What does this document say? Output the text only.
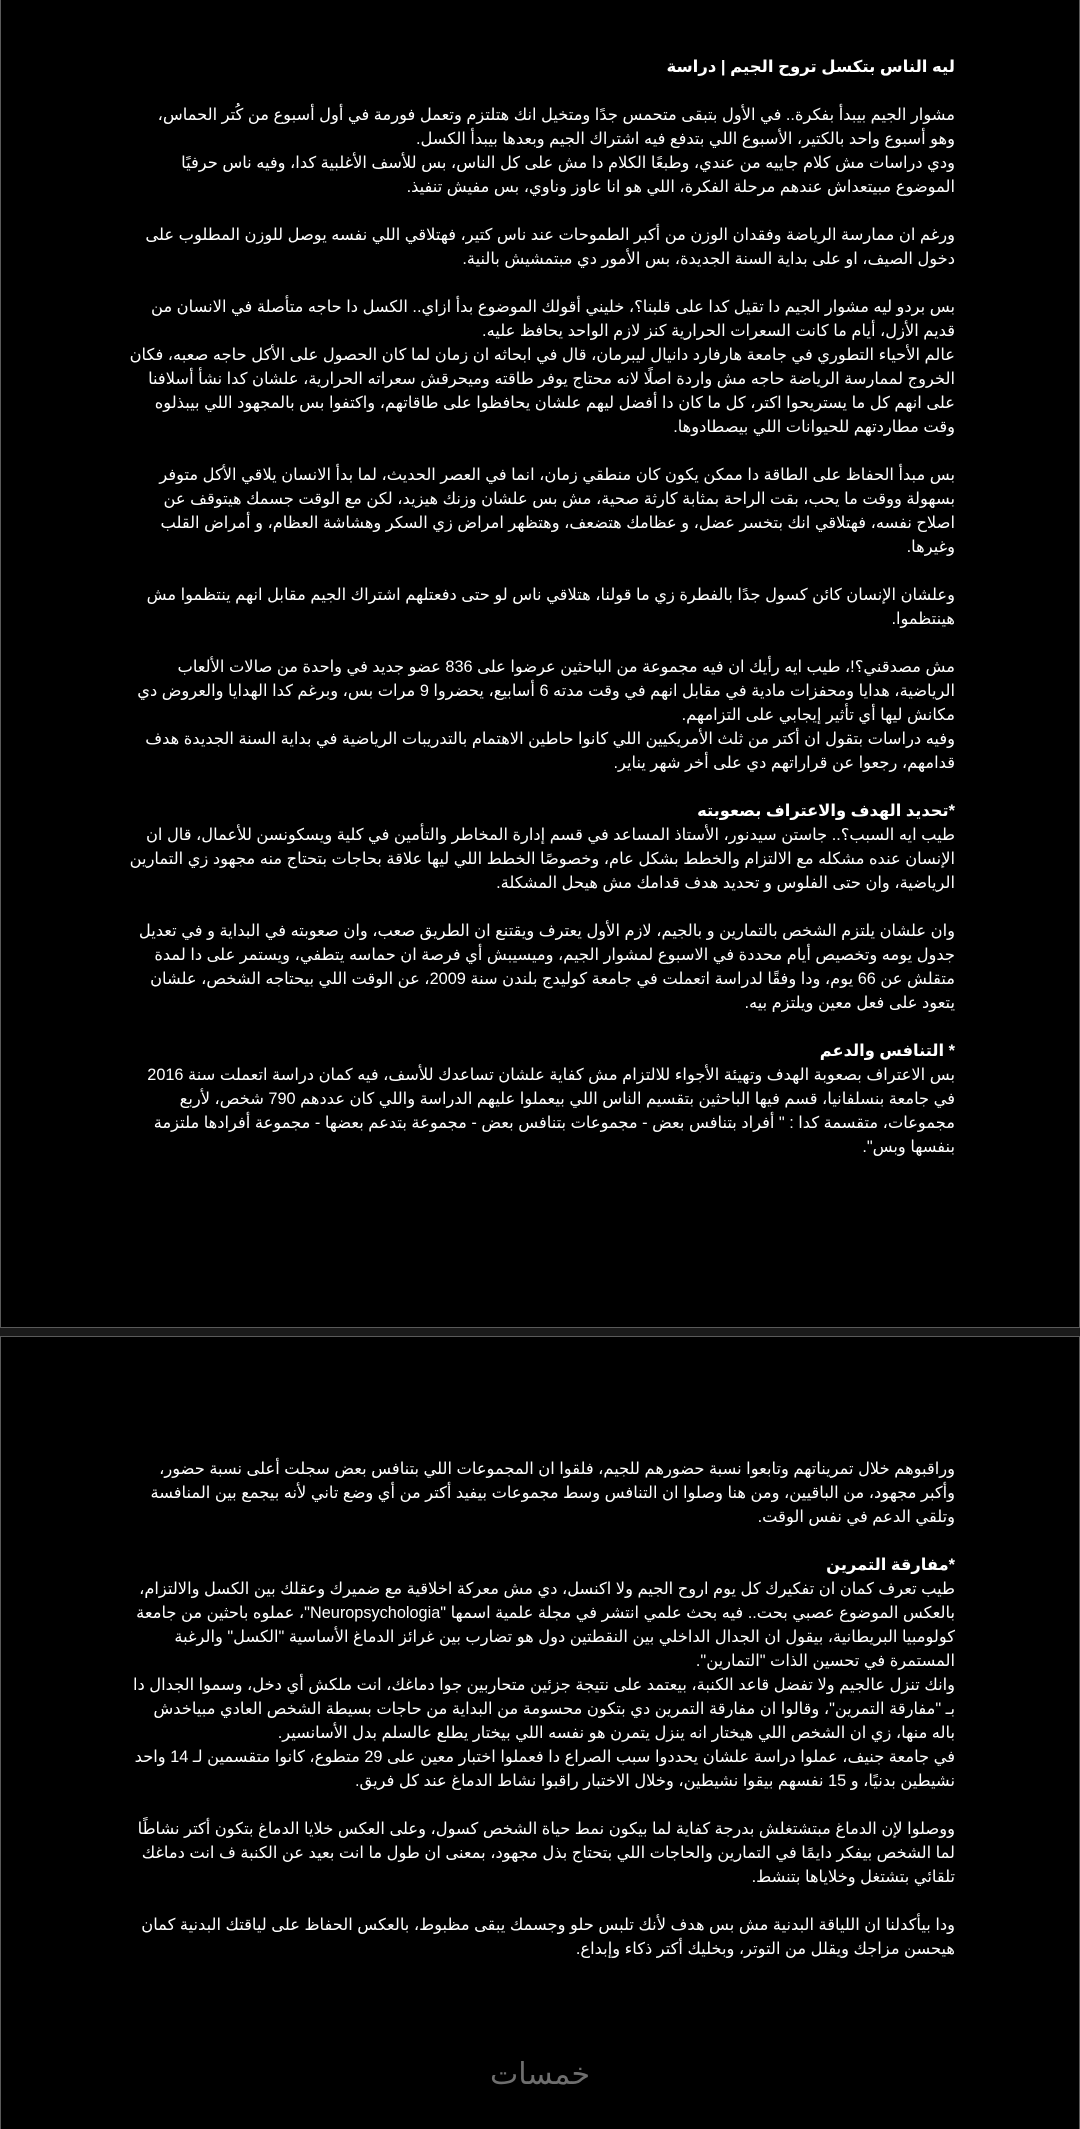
ليه الناس بتكسل تروح الجيم | دراسة

مشوار الجيم بيبدأ بفكرة.. في الأول بتبقى متحمس جدًا ومتخيل انك هتلتزم وتعمل فورمة في أول أسبوع من كُتر الحماس، وهو أسبوع واحد بالكتير، الأسبوع اللي بتدفع فيه اشتراك الجيم وبعدها بيبدأ الكسل.

ودي دراسات مش كلام جاييه من عندي، وطبعًا الكلام دا مش على كل الناس، بس للأسف الأغلبية كدا، وفيه ناس حرفيًا الموضوع مبيتعداش عندهم مرحلة الفكرة، اللي هو انا عاوز وناوي، بس مفيش تنفيذ.

ورغم ان ممارسة الرياضة وفقدان الوزن من أكبر الطموحات عند ناس كتير، فهتلاقي اللي نفسه يوصل للوزن المطلوب على دخول الصيف، او على بداية السنة الجديدة، بس الأمور دي مبتمشيش بالنية.

بس بردو ليه مشوار الجيم دا تقيل كدا على قلبنا؟، خليني أقولك الموضوع بدأ ازاي.. الكسل دا حاجه متأصلة في الانسان من قديم الأزل، أيام ما كانت السعرات الحرارية كنز لازم الواحد يحافظ عليه.

عالم الأحياء التطوري في جامعة هارفارد دانيال ليبرمان، قال في ابحاثه ان زمان لما كان الحصول على الأكل حاجه صعبه، فكان الخروج لممارسة الرياضة حاجه مش واردة اصلًا لانه محتاج يوفر طاقته وميحرقش سعراته الحرارية، علشان كدا نشأ أسلافنا على انهم كل ما يستريحوا اكتر، كل ما كان دا أفضل ليهم علشان يحافظوا على طاقاتهم، واكتفوا بس بالمجهود اللي بيبذلوه وقت مطاردتهم للحيوانات اللي بيصطادوها.

بس مبدأ الحفاظ على الطاقة دا ممكن يكون كان منطقي زمان، انما في العصر الحديث، لما بدأ الانسان يلاقي الأكل متوفر بسهولة ووقت ما يحب، بقت الراحة بمثابة كارثة صحية، مش بس علشان وزنك هيزيد، لكن مع الوقت جسمك هيتوقف عن اصلاح نفسه، فهتلاقي انك بتخسر عضل، و عظامك هتضعف، وهتظهر امراض زي السكر وهشاشة العظام، و أمراض القلب وغيرها.

وعلشان الإنسان كائن كسول جدًا بالفطرة زي ما قولنا، هتلاقي ناس لو حتى دفعتلهم اشتراك الجيم مقابل انهم ينتظموا مش هينتظموا.

مش مصدقني؟!، طيب ايه رأيك ان فيه مجموعة من الباحثين عرضوا على 836 عضو جديد في واحدة من صالات الألعاب الرياضية، هدايا ومحفزات مادية في مقابل انهم في وقت مدته 6 أسابيع، يحضروا 9 مرات بس، وبرغم كدا الهدايا والعروض دي مكانش ليها أي تأثير إيجابي على التزامهم.

وفيه دراسات بتقول ان أكتر من ثلث الأمريكيين اللي كانوا حاطين الاهتمام بالتدريبات الرياضية في بداية السنة الجديدة هدف قدامهم، رجعوا عن قراراتهم دي على أخر شهر يناير.

*تحديد الهدف والاعتراف بصعوبته

طيب ايه السبب؟.. جاستن سيدنور، الأستاذ المساعد في قسم إدارة المخاطر والتأمين في كلية ويسكونسن للأعمال، قال ان الإنسان عنده مشكله مع الالتزام والخطط بشكل عام، وخصوصًا الخطط اللي ليها علاقة بحاجات بتحتاج منه مجهود زي التمارين الرياضية، وان حتى الفلوس و تحديد هدف قدامك مش هيحل المشكلة.

وان علشان يلتزم الشخص بالتمارين و بالجيم، لازم الأول يعترف ويقتنع ان الطريق صعب، وان صعوبته في البداية و في تعديل جدول يومه وتخصيص أيام محددة في الاسبوع لمشوار الجيم، وميسيبش أي فرصة ان حماسه يتطفي، ويستمر على دا لمدة متقلش عن 66 يوم، ودا وفقًا لدراسة اتعملت في جامعة كوليدج بلندن سنة 2009، عن الوقت اللي بيحتاجه الشخص، علشان يتعود على فعل معين ويلتزم بيه.

* التنافس والدعم

بس الاعتراف بصعوبة الهدف وتهيئة الأجواء للالتزام مش كفاية علشان تساعدك للأسف، فيه كمان دراسة اتعملت سنة 2016 في جامعة بنسلفانيا، قسم فيها الباحثين بتقسيم الناس اللي بيعملوا عليهم الدراسة واللي كان عددهم 790 شخص، لأربع مجموعات، متقسمة كدا : " أفراد بتنافس بعض - مجموعات بتنافس بعض - مجموعة بتدعم بعضها - مجموعة أفرادها ملتزمة بنفسها وبس".

وراقبوهم خلال تمريناتهم وتابعوا نسبة حضورهم للجيم، فلقوا ان المجموعات اللي بتنافس بعض سجلت أعلى نسبة حضور، وأكبر مجهود، من الباقيين، ومن هنا وصلوا ان التنافس وسط مجموعات بيفيد أكتر من أي وضع تاني لأنه بيجمع بين المنافسة وتلقي الدعم في نفس الوقت.

*مفارقة التمرين

طيب تعرف كمان ان تفكيرك كل يوم اروح الجيم ولا اكنسل، دي مش معركة اخلاقية مع ضميرك وعقلك بين الكسل والالتزام، بالعكس الموضوع عصبي بحت.. فيه بحث علمي انتشر في مجلة علمية اسمها "Neuropsychologia"، عملوه باحثين من جامعة كولومبيا البريطانية، بيقول ان الجدال الداخلي بين النقطتين دول هو تضارب بين غرائز الدماغ الأساسية "الكسل" والرغبة المستمرة في تحسين الذات "التمارين".

وانك تنزل عالجيم ولا تفضل قاعد الكنبة، بيعتمد على نتيجة جزئين متحاربين جوا دماغك، انت ملكش أي دخل، وسموا الجدال دا بـ "مفارقة التمرين"، وقالوا ان مفارقة التمرين دي بتكون محسومة من البداية من حاجات بسيطة الشخص العادي مبياخدش باله منها، زي ان الشخص اللي هيختار انه ينزل يتمرن هو نفسه اللي بيختار يطلع عالسلم بدل الأسانسير.

في جامعة جنيف، عملوا دراسة علشان يحددوا سبب الصراع دا فعملوا اختبار معين على 29 متطوع، كانوا متقسمين لـ 14 واحد نشيطين بدنيًا، و 15 نفسهم بيقوا نشيطين، وخلال الاختبار راقبوا نشاط الدماغ عند كل فريق.

ووصلوا لإن الدماغ مبتشتغلش بدرجة كفاية لما بيكون نمط حياة الشخص كسول، وعلى العكس خلايا الدماغ بتكون أكتر نشاطًا لما الشخص بيفكر دايمًا في التمارين والحاجات اللي بتحتاج بذل مجهود، بمعنى ان طول ما انت بعيد عن الكنبة ف انت دماغك تلقائي بتشتغل وخلاياها بتنشط.

ودا بيأكدلنا ان اللياقة البدنية مش بس هدف لأنك تلبس حلو وجسمك يبقى مظبوط، بالعكس الحفاظ على لياقتك البدنية كمان هيحسن مزاجك ويقلل من التوتر، وبخليك أكتر ذكاء وإبداع.

خمسات
